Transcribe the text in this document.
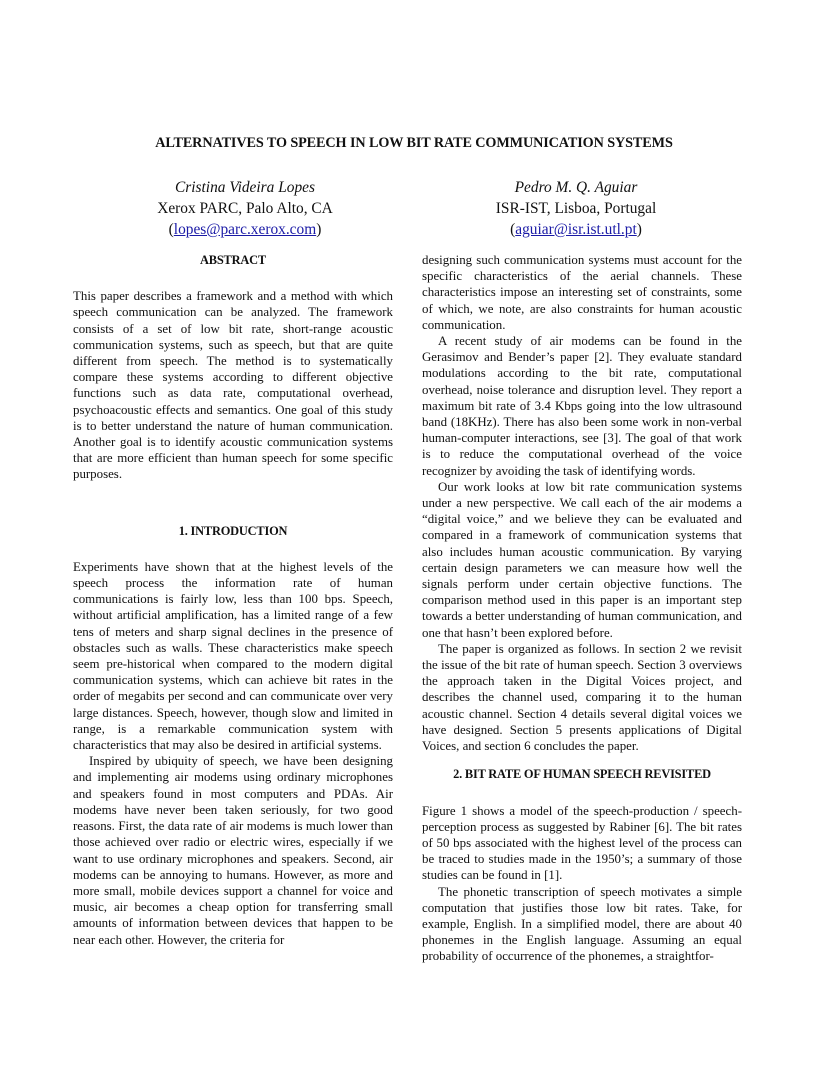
ALTERNATIVES TO SPEECH IN LOW BIT RATE COMMUNICATION SYSTEMS
Cristina Videira Lopes
Xerox PARC, Palo Alto, CA
(lopes@parc.xerox.com)
Pedro M. Q. Aguiar
ISR-IST, Lisboa, Portugal
(aguiar@isr.ist.utl.pt)
ABSTRACT

This paper describes a framework and a method with which speech communication can be analyzed. The framework consists of a set of low bit rate, short-range acoustic communication systems, such as speech, but that are quite different from speech. The method is to systematically compare these systems according to different objective functions such as data rate, computational overhead, psychoacoustic effects and semantics. One goal of this study is to better understand the nature of human communication. Another goal is to identify acoustic communication systems that are more efficient than human speech for some specific purposes.

1. INTRODUCTION

Experiments have shown that at the highest levels of the speech process the information rate of human communications is fairly low, less than 100 bps. Speech, without artificial amplification, has a limited range of a few tens of meters and sharp signal declines in the presence of obstacles such as walls. These characteristics make speech seem pre-historical when compared to the modern digital communication systems, which can achieve bit rates in the order of megabits per second and can communicate over very large distances. Speech, however, though slow and limited in range, is a remarkable communication system with characteristics that may also be desired in artificial systems.

Inspired by ubiquity of speech, we have been designing and implementing air modems using ordinary microphones and speakers found in most computers and PDAs. Air modems have never been taken seriously, for two good reasons. First, the data rate of air modems is much lower than those achieved over radio or electric wires, especially if we want to use ordinary microphones and speakers. Second, air modems can be annoying to humans. However, as more and more small, mobile devices support a channel for voice and music, air becomes a cheap option for transferring small amounts of information between devices that happen to be near each other. However, the criteria for

designing such communication systems must account for the specific characteristics of the aerial channels. These characteristics impose an interesting set of constraints, some of which, we note, are also constraints for human acoustic communication.

A recent study of air modems can be found in the Gerasimov and Bender’s paper [2]. They evaluate standard modulations according to the bit rate, computational overhead, noise tolerance and disruption level. They report a maximum bit rate of 3.4 Kbps going into the low ultrasound band (18KHz). There has also been some work in non-verbal human-computer interactions, see [3]. The goal of that work is to reduce the computational overhead of the voice recognizer by avoiding the task of identifying words.

Our work looks at low bit rate communication systems under a new perspective. We call each of the air modems a “digital voice,” and we believe they can be evaluated and compared in a framework of communication systems that also includes human acoustic communication. By varying certain design parameters we can measure how well the signals perform under certain objective functions. The comparison method used in this paper is an important step towards a better understanding of human communication, and one that hasn’t been explored before.

The paper is organized as follows. In section 2 we revisit the issue of the bit rate of human speech. Section 3 overviews the approach taken in the Digital Voices project, and describes the channel used, comparing it to the human acoustic channel. Section 4 details several digital voices we have designed. Section 5 presents applications of Digital Voices, and section 6 concludes the paper.

2. BIT RATE OF HUMAN SPEECH REVISITED

Figure 1 shows a model of the speech-production / speech-perception process as suggested by Rabiner [6]. The bit rates of 50 bps associated with the highest level of the process can be traced to studies made in the 1950’s; a summary of those studies can be found in [1].

The phonetic transcription of speech motivates a simple computation that justifies those low bit rates. Take, for example, English. In a simplified model, there are about 40 phonemes in the English language. Assuming an equal probability of occurrence of the phonemes, a straightfor-
